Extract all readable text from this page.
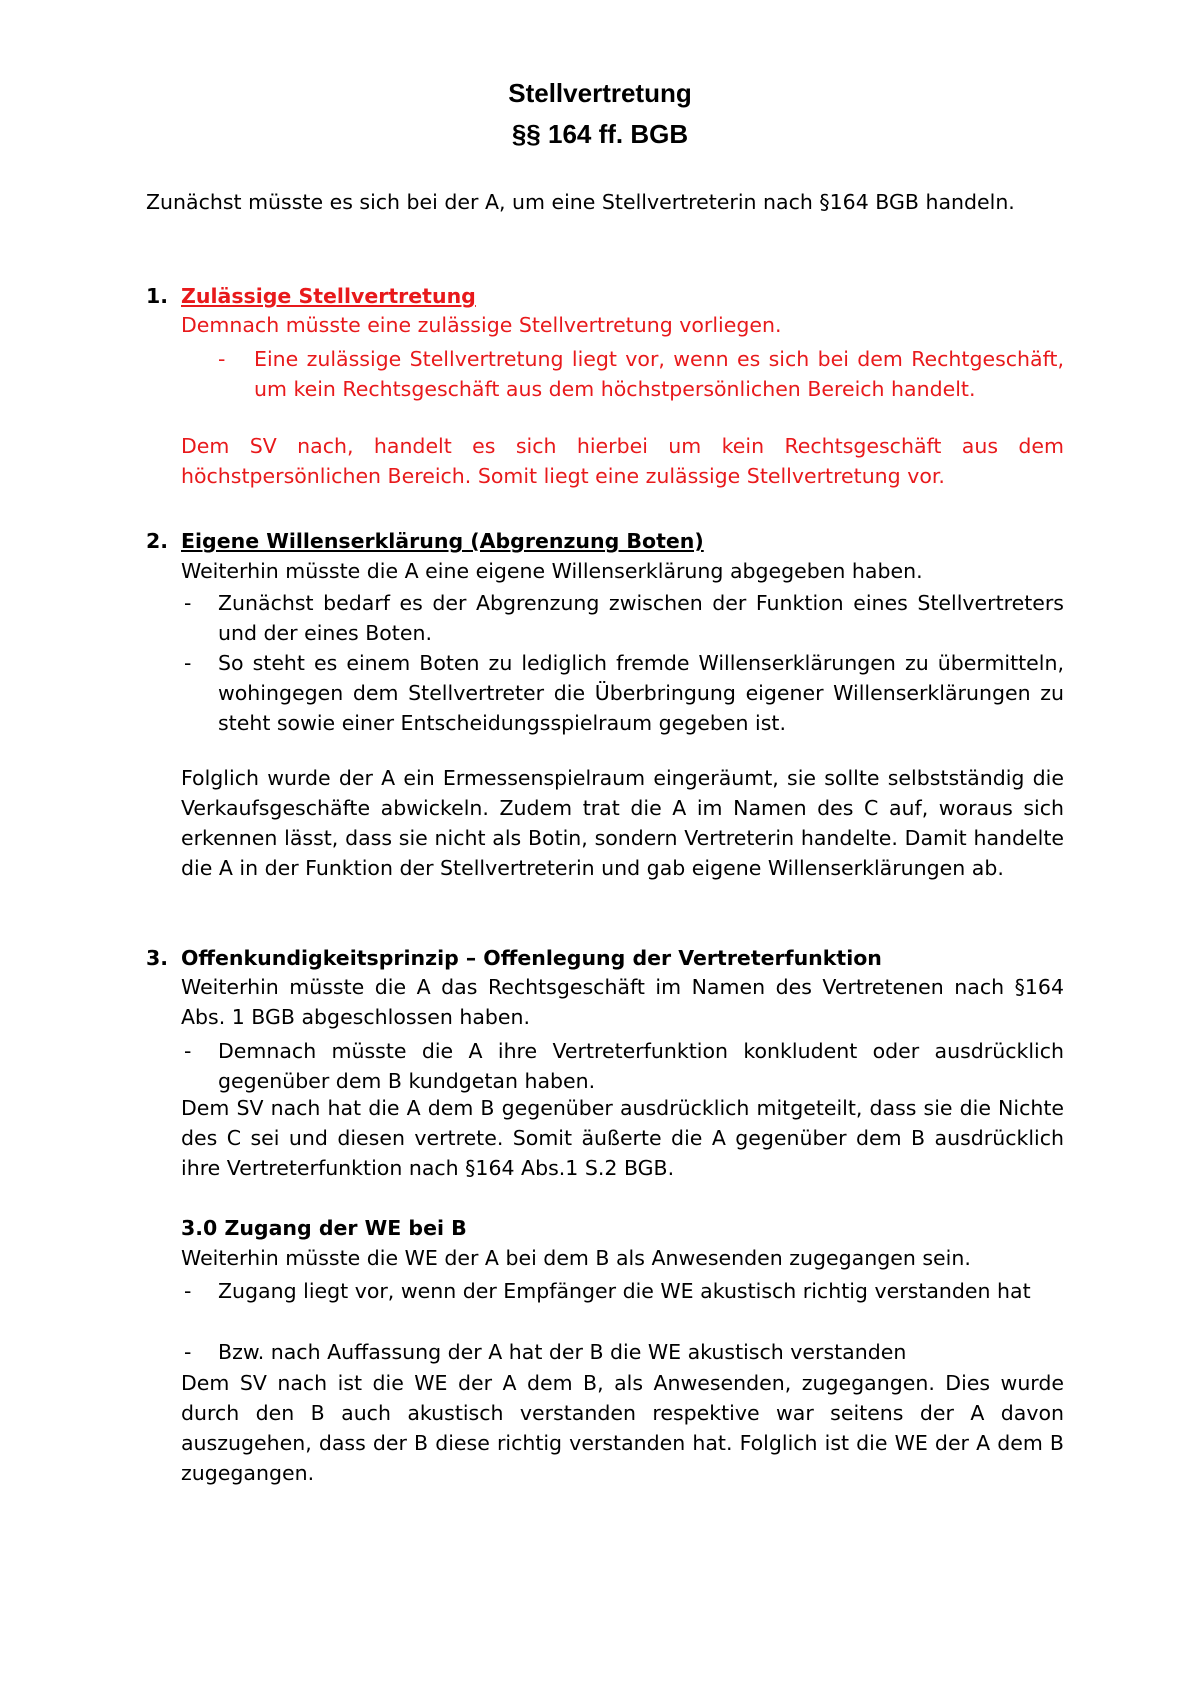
Stellvertretung
§§ 164 ff. BGB

Zunächst müsste es sich bei der A, um eine Stellvertreterin nach §164 BGB handeln.

1. Zulässige Stellvertretung

Demnach müsste eine zulässige Stellvertretung vorliegen.

- Eine zulässige Stellvertretung liegt vor, wenn es sich bei dem Rechtgeschäft, um kein Rechtsgeschäft aus dem höchstpersönlichen Bereich handelt.

Dem SV nach, handelt es sich hierbei um kein Rechtsgeschäft aus dem höchstpersönlichen Bereich. Somit liegt eine zulässige Stellvertretung vor.

2. Eigene Willenserklärung (Abgrenzung Boten)

Weiterhin müsste die A eine eigene Willenserklärung abgegeben haben.

- Zunächst bedarf es der Abgrenzung zwischen der Funktion eines Stellvertreters und der eines Boten.

- So steht es einem Boten zu lediglich fremde Willenserklärungen zu übermitteln, wohingegen dem Stellvertreter die Überbringung eigener Willenserklärungen zu steht sowie einer Entscheidungsspielraum gegeben ist.

Folglich wurde der A ein Ermessenspielraum eingeräumt, sie sollte selbstständig die Verkaufsgeschäfte abwickeln. Zudem trat die A im Namen des C auf, woraus sich erkennen lässt, dass sie nicht als Botin, sondern Vertreterin handelte. Damit handelte die A in der Funktion der Stellvertreterin und gab eigene Willenserklärungen ab.

3. Offenkundigkeitsprinzip – Offenlegung der Vertreterfunktion

Weiterhin müsste die A das Rechtsgeschäft im Namen des Vertretenen nach §164 Abs. 1 BGB abgeschlossen haben.

- Demnach müsste die A ihre Vertreterfunktion konkludent oder ausdrücklich gegenüber dem B kundgetan haben.

Dem SV nach hat die A dem B gegenüber ausdrücklich mitgeteilt, dass sie die Nichte des C sei und diesen vertrete. Somit äußerte die A gegenüber dem B ausdrücklich ihre Vertreterfunktion nach §164 Abs.1 S.2 BGB.

3.0 Zugang der WE bei B

Weiterhin müsste die WE der A bei dem B als Anwesenden zugegangen sein.

- Zugang liegt vor, wenn der Empfänger die WE akustisch richtig verstanden hat

- Bzw. nach Auffassung der A hat der B die WE akustisch verstanden

Dem SV nach ist die WE der A dem B, als Anwesenden, zugegangen. Dies wurde durch den B auch akustisch verstanden respektive war seitens der A davon auszugehen, dass der B diese richtig verstanden hat. Folglich ist die WE der A dem B zugegangen.
